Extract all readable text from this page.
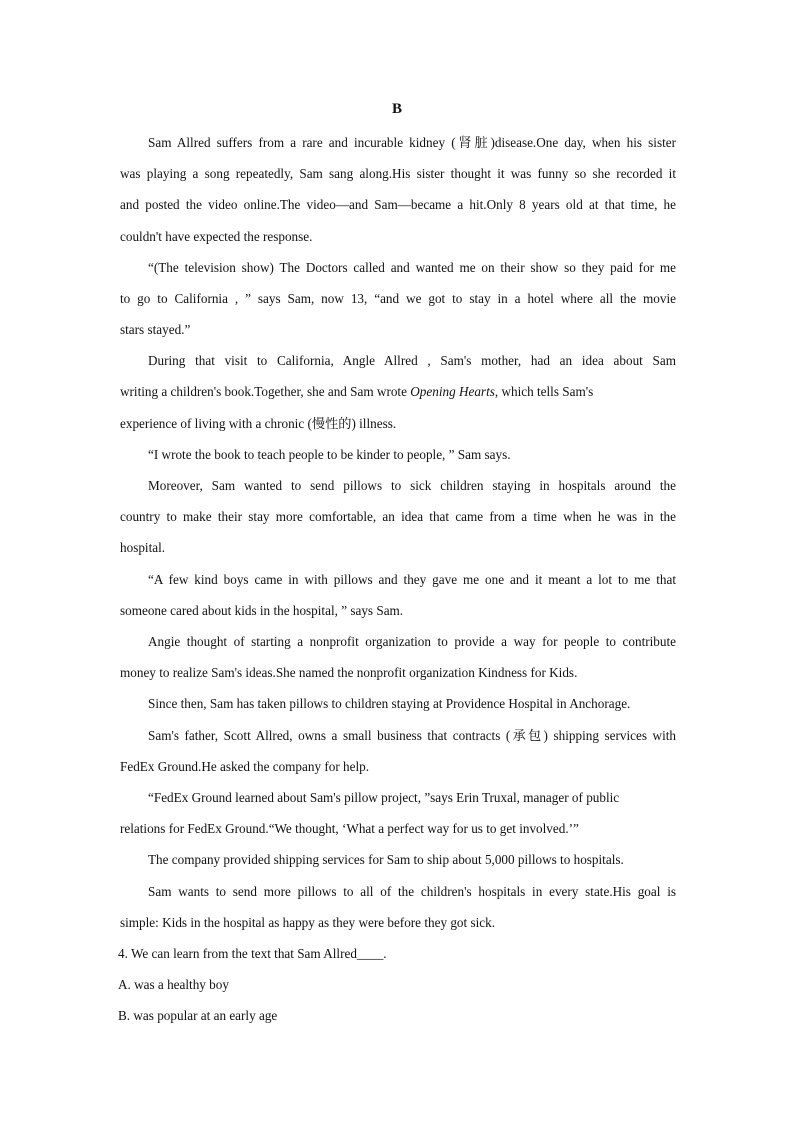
B
Sam Allred suffers from a rare and incurable kidney (肾脏)disease.One day, when his sister
was playing a song repeatedly, Sam sang along.His sister thought it was funny so she recorded it
and posted the video online.The video—and Sam—became a hit.Only 8 years old at that time, he
couldn't have expected the response.
“(The television show) The Doctors called and wanted me on their show so they paid for me
to go to California , ” says Sam, now 13, “and we got to stay in a hotel where all the movie
stars stayed.”
During that visit to California, Angle Allred , Sam's mother, had an idea about Sam
writing a children's book.Together, she and Sam wrote Opening Hearts, which tells Sam's
experience of living with a chronic (慢性的) illness.
“I wrote the book to teach people to be kinder to people, ” Sam says.
Moreover, Sam wanted to send pillows to sick children staying in hospitals around the
country to make their stay more comfortable, an idea that came from a time when he was in the
hospital.
“A few kind boys came in with pillows and they gave me one and it meant a lot to me that
someone cared about kids in the hospital, ” says Sam.
Angie thought of starting a nonprofit organization to provide a way for people to contribute
money to realize Sam's ideas.She named the nonprofit organization Kindness for Kids.
Since then, Sam has taken pillows to children staying at Providence Hospital in Anchorage.
Sam's father, Scott Allred, owns a small business that contracts (承包) shipping services with
FedEx Ground.He asked the company for help.
“FedEx Ground learned about Sam's pillow project, ”says Erin Truxal, manager of public
relations for FedEx Ground.“We thought, ‘What a perfect way for us to get involved.’”
The company provided shipping services for Sam to ship about 5,000 pillows to hospitals.
Sam wants to send more pillows to all of the children's hospitals in every state.His goal is
simple: Kids in the hospital as happy as they were before they got sick.
4. We can learn from the text that Sam Allred____.
A. was a healthy boy
B. was popular at an early age
